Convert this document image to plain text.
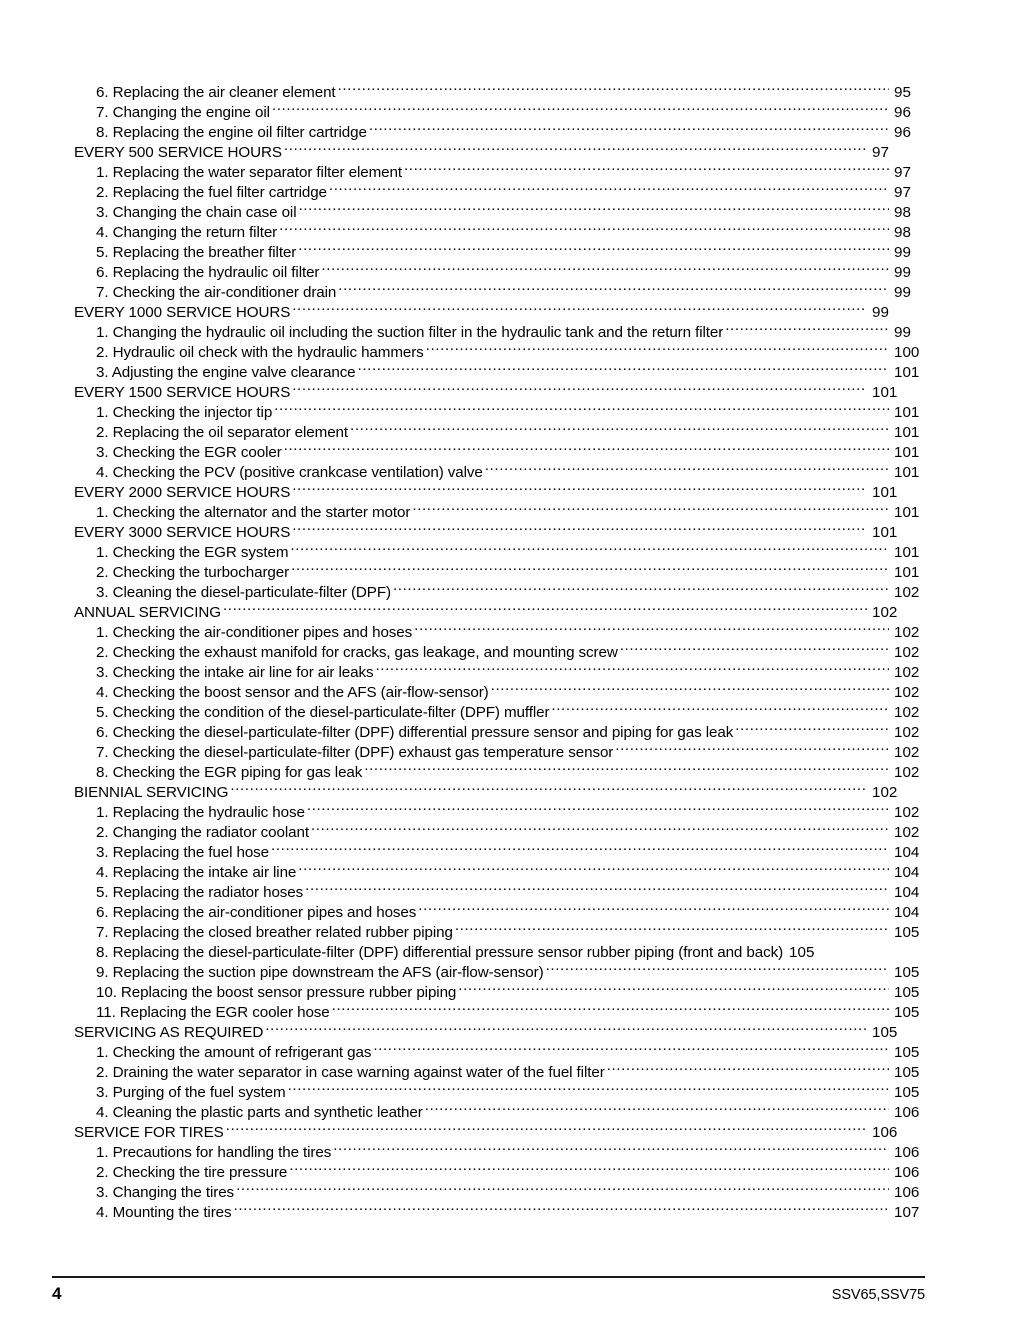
6. Replacing the air cleaner element .....	95
7. Changing the engine oil .....	96
8. Replacing the engine oil filter cartridge .....	96
EVERY 500 SERVICE HOURS .....	97
1. Replacing the water separator filter element .....	97
2. Replacing the fuel filter cartridge .....	97
3. Changing the chain case oil .....	98
4. Changing the return filter .....	98
5. Replacing the breather filter .....	99
6. Replacing the hydraulic oil filter .....	99
7. Checking the air-conditioner drain .....	99
EVERY 1000 SERVICE HOURS .....	99
1. Changing the hydraulic oil including the suction filter in the hydraulic tank and the return filter .....	99
2. Hydraulic oil check with the hydraulic hammers .....	100
3. Adjusting the engine valve clearance .....	101
EVERY 1500 SERVICE HOURS .....	101
1. Checking the injector tip .....	101
2. Replacing the oil separator element .....	101
3. Checking the EGR cooler .....	101
4. Checking the PCV (positive crankcase ventilation) valve .....	101
EVERY 2000 SERVICE HOURS .....	101
1. Checking the alternator and the starter motor .....	101
EVERY 3000 SERVICE HOURS .....	101
1. Checking the EGR system .....	101
2. Checking the turbocharger .....	101
3. Cleaning the diesel-particulate-filter (DPF) .....	102
ANNUAL SERVICING .....	102
1. Checking the air-conditioner pipes and hoses .....	102
2. Checking the exhaust manifold for cracks, gas leakage, and mounting screw .....	102
3. Checking the intake air line for air leaks .....	102
4. Checking the boost sensor and the AFS (air-flow-sensor) .....	102
5. Checking the condition of the diesel-particulate-filter (DPF) muffler .....	102
6. Checking the diesel-particulate-filter (DPF) differential pressure sensor and piping for gas leak .....	102
7. Checking the diesel-particulate-filter (DPF) exhaust gas temperature sensor .....	102
8. Checking the EGR piping for gas leak .....	102
BIENNIAL SERVICING .....	102
1. Replacing the hydraulic hose .....	102
2. Changing the radiator coolant .....	102
3. Replacing the fuel hose .....	104
4. Replacing the intake air line .....	104
5. Replacing the radiator hoses .....	104
6. Replacing the air-conditioner pipes and hoses .....	104
7. Replacing the closed breather related rubber piping .....	105
8. Replacing the diesel-particulate-filter (DPF) differential pressure sensor rubber piping (front and back) 105
9. Replacing the suction pipe downstream the AFS (air-flow-sensor) .....	105
10. Replacing the boost sensor pressure rubber piping .....	105
11. Replacing the EGR cooler hose .....	105
SERVICING AS REQUIRED .....	105
1. Checking the amount of refrigerant gas .....	105
2. Draining the water separator in case warning against water of the fuel filter .....	105
3. Purging of the fuel system .....	105
4. Cleaning the plastic parts and synthetic leather .....	106
SERVICE FOR TIRES .....	106
1. Precautions for handling the tires .....	106
2. Checking the tire pressure .....	106
3. Changing the tires .....	106
4. Mounting the tires .....	107
4	SSV65,SSV75
